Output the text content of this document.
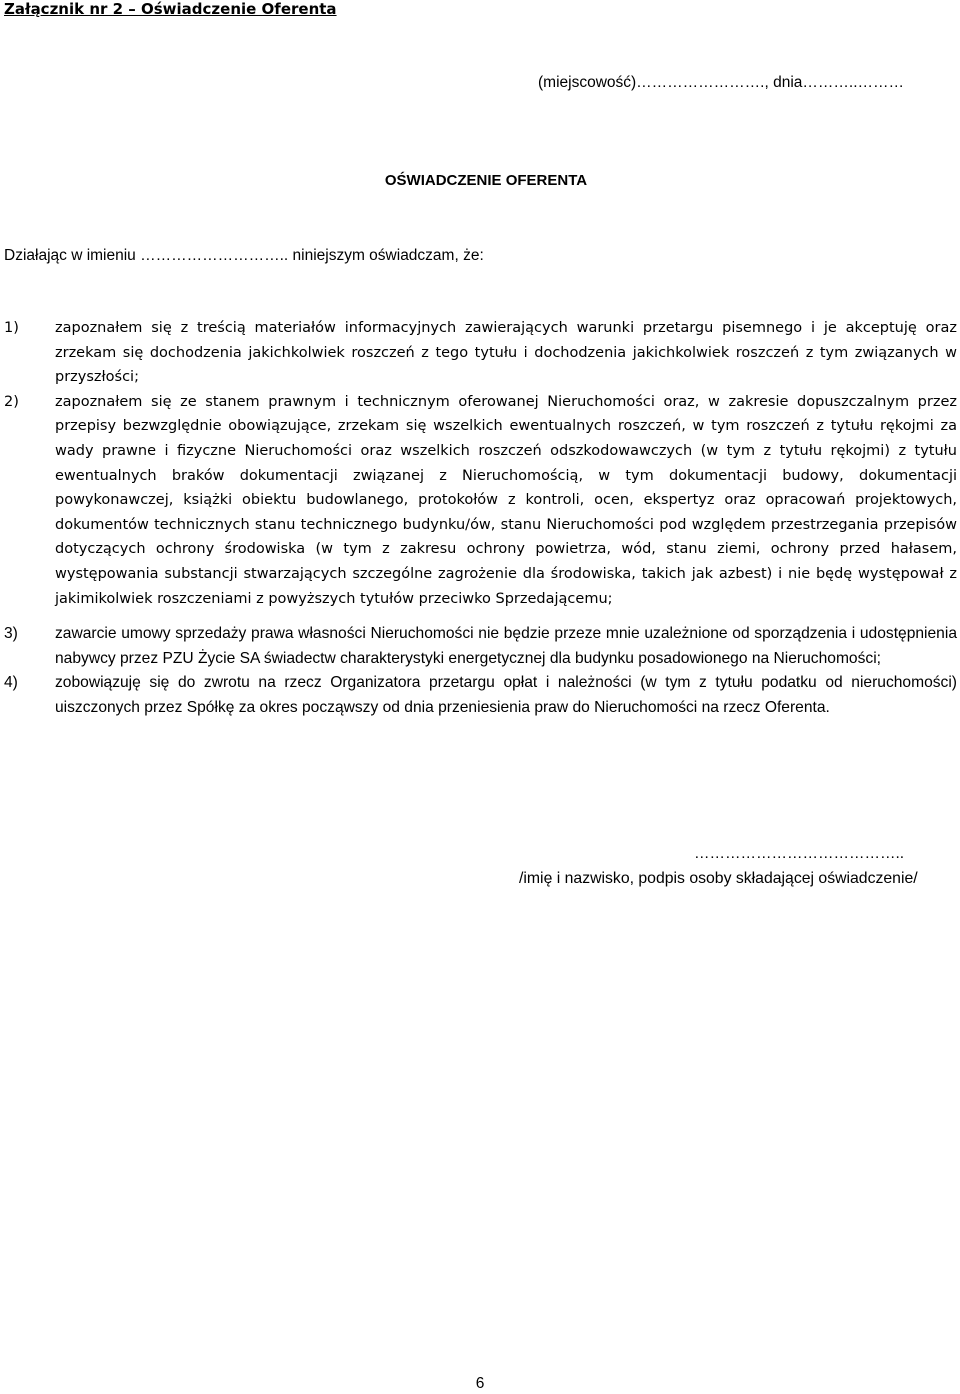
Załącznik nr 2 – Oświadczenie Oferenta
(miejscowość)……………………., dnia………..………
OŚWIADCZENIE OFERENTA
Działając w imieniu ……………………….. niniejszym oświadczam, że:
1) zapoznałem się z treścią materiałów informacyjnych zawierających warunki przetargu pisemnego i je akceptuję oraz zrzekam się dochodzenia jakichkolwiek roszczeń z tego tytułu i dochodzenia jakichkolwiek roszczeń z tym związanych w przyszłości;
2) zapoznałem się ze stanem prawnym i technicznym oferowanej Nieruchomości oraz, w zakresie dopuszczalnym przez przepisy bezwzględnie obowiązujące, zrzekam się wszelkich ewentualnych roszczeń, w tym roszczeń z tytułu rękojmi za wady prawne i fizyczne Nieruchomości oraz wszelkich roszczeń odszkodowawczych (w tym z tytułu rękojmi) z tytułu ewentualnych braków dokumentacji związanej z Nieruchomością, w tym dokumentacji budowy, dokumentacji powykonawczej, książki obiektu budowlanego, protokołów z kontroli, ocen, ekspertyz oraz opracowań projektowych, dokumentów technicznych stanu technicznego budynku/ów, stanu Nieruchomości pod względem przestrzegania przepisów dotyczących ochrony środowiska (w tym z zakresu ochrony powietrza, wód, stanu ziemi, ochrony przed hałasem, występowania substancji stwarzających szczególne zagrożenie dla środowiska, takich jak azbest) i nie będę występował z jakimikolwiek roszczeniami z powyższych tytułów przeciwko Sprzedającemu;
3) zawarcie umowy sprzedaży prawa własności Nieruchomości nie będzie przeze mnie uzależnione od sporządzenia i udostępnienia nabywcy przez PZU Życie SA świadectw charakterystyki energetycznej dla budynku posadowionego na Nieruchomości;
4) zobowiązuję się do zwrotu na rzecz Organizatora przetargu opłat i należności (w tym z tytułu podatku od nieruchomości) uiszczonych przez Spółkę za okres począwszy od dnia przeniesienia praw do Nieruchomości na rzecz Oferenta.
…………………………………..
/imię i nazwisko, podpis osoby składającej oświadczenie/
6
